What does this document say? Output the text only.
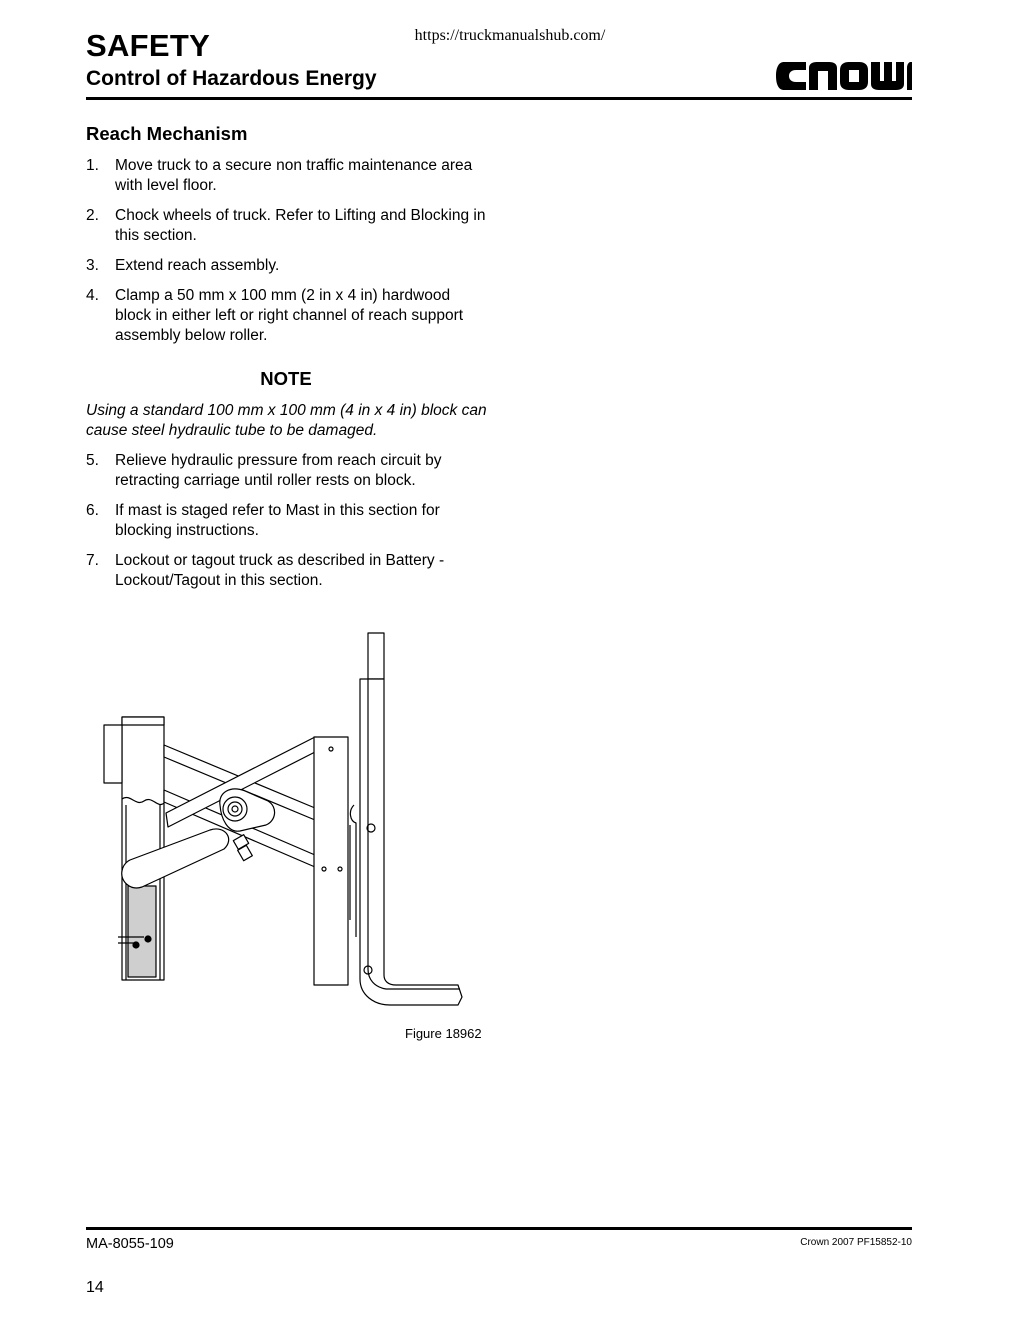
https://truckmanualshub.com/
SAFETY
Control of Hazardous Energy
Reach Mechanism
1. Move truck to a secure non traffic maintenance area with level floor.
2. Chock wheels of truck. Refer to Lifting and Blocking in this section.
3. Extend reach assembly.
4. Clamp a 50 mm x 100 mm (2 in x 4 in) hardwood block in either left or right channel of reach support assembly below roller.
NOTE
Using a standard 100 mm x 100 mm (4 in x 4 in) block can cause steel hydraulic tube to be damaged.
5. Relieve hydraulic pressure from reach circuit by retracting carriage until roller rests on block.
6. If mast is staged refer to Mast in this section for blocking instructions.
7. Lockout or tagout truck as described in Battery - Lockout/Tagout in this section.
Figure 18962
MA-8055-109	Crown 2007 PF15852-10
14
